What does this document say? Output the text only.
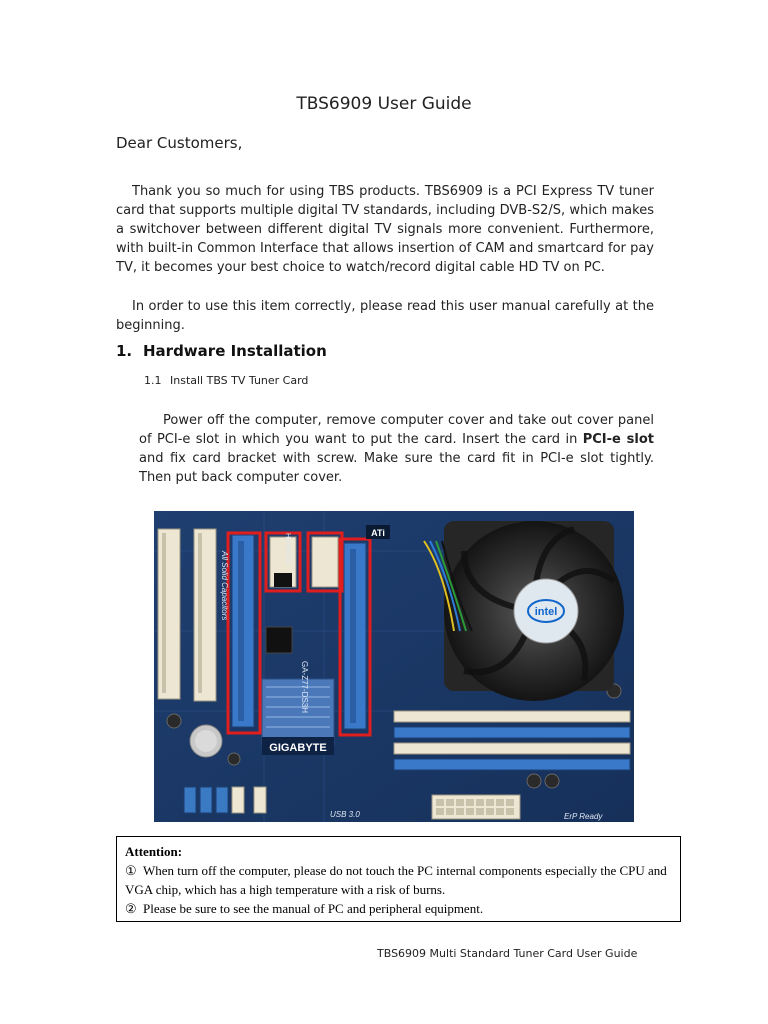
TBS6909 User Guide
Dear Customers,
Thank you so much for using TBS products. TBS6909 is a PCI Express TV tuner card that supports multiple digital TV standards, including DVB-S2/S, which makes a switchover between different digital TV signals more convenient. Furthermore, with built-in Common Interface that allows insertion of CAM and smartcard for pay TV, it becomes your best choice to watch/record digital cable HD TV on PC.
In order to use this item correctly, please read this user manual carefully at the beginning.
1. Hardware Installation
1.1 Install TBS TV Tuner Card
Power off the computer, remove computer cover and take out cover panel of PCI-e slot in which you want to put the card. Insert the card in PCI-e slot and fix card bracket with screw. Make sure the card fit in PCI-e slot tightly. Then put back computer cover.
GIGABYTE
GA-Z77-DS3H
All Solid Capacitors
HDMI/DVI	ATi
USB 3.0
intel
ErP Ready
Attention:
① When turn off the computer, please do not touch the PC internal components especially the CPU and VGA chip, which has a high temperature with a risk of burns.
② Please be sure to see the manual of PC and peripheral equipment.
TBS6909 Multi Standard Tuner Card User Guide
